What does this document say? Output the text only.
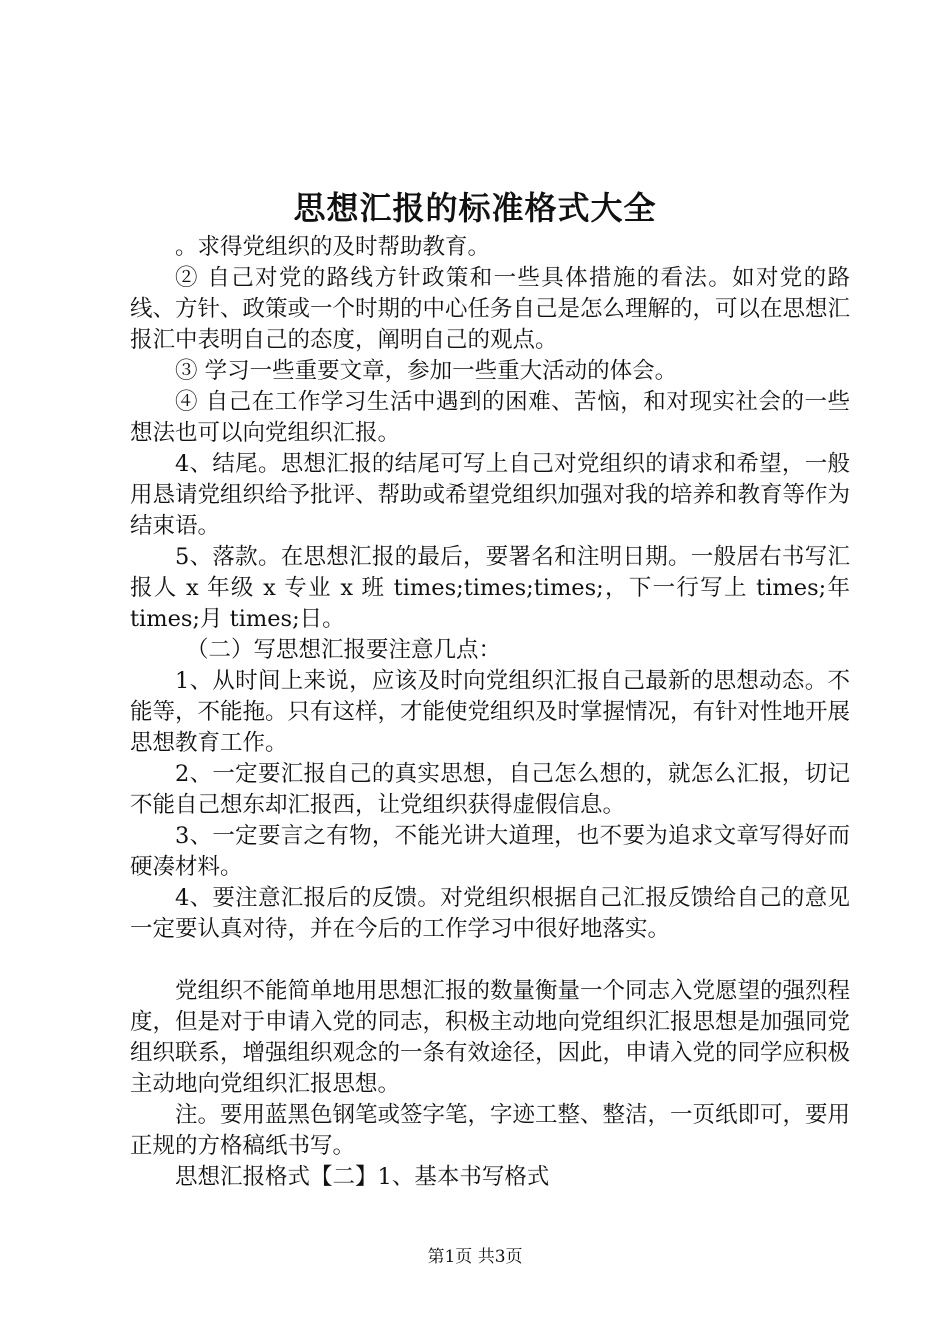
思想汇报的标准格式大全

。求得党组织的及时帮助教育。

② 自己对党的路线方针政策和一些具体措施的看法。如对党的路线、方针、政策或一个时期的中心任务自己是怎么理解的，可以在思想汇报汇中表明自己的态度，阐明自己的观点。

③ 学习一些重要文章，参加一些重大活动的体会。

④ 自己在工作学习生活中遇到的困难、苦恼，和对现实社会的一些想法也可以向党组织汇报。

4、结尾。思想汇报的结尾可写上自己对党组织的请求和希望，一般用恳请党组织给予批评、帮助或希望党组织加强对我的培养和教育等作为结束语。

5、落款。在思想汇报的最后，要署名和注明日期。一般居右书写汇报人 x 年级 x 专业 x 班 times;times;times;，下一行写上 times;年 times;月 times;日。

（二）写思想汇报要注意几点：

1、从时间上来说，应该及时向党组织汇报自己最新的思想动态。不能等，不能拖。只有这样，才能使党组织及时掌握情况，有针对性地开展思想教育工作。

2、一定要汇报自己的真实思想，自己怎么想的，就怎么汇报，切记不能自己想东却汇报西，让党组织获得虚假信息。

3、一定要言之有物，不能光讲大道理，也不要为追求文章写得好而硬凑材料。

4、要注意汇报后的反馈。对党组织根据自己汇报反馈给自己的意见一定要认真对待，并在今后的工作学习中很好地落实。

党组织不能简单地用思想汇报的数量衡量一个同志入党愿望的强烈程度，但是对于申请入党的同志，积极主动地向党组织汇报思想是加强同党组织联系，增强组织观念的一条有效途径，因此，申请入党的同学应积极主动地向党组织汇报思想。

注。要用蓝黑色钢笔或签字笔，字迹工整、整洁，一页纸即可，要用正规的方格稿纸书写。

思想汇报格式【二】1、基本书写格式

第1页 共3页
